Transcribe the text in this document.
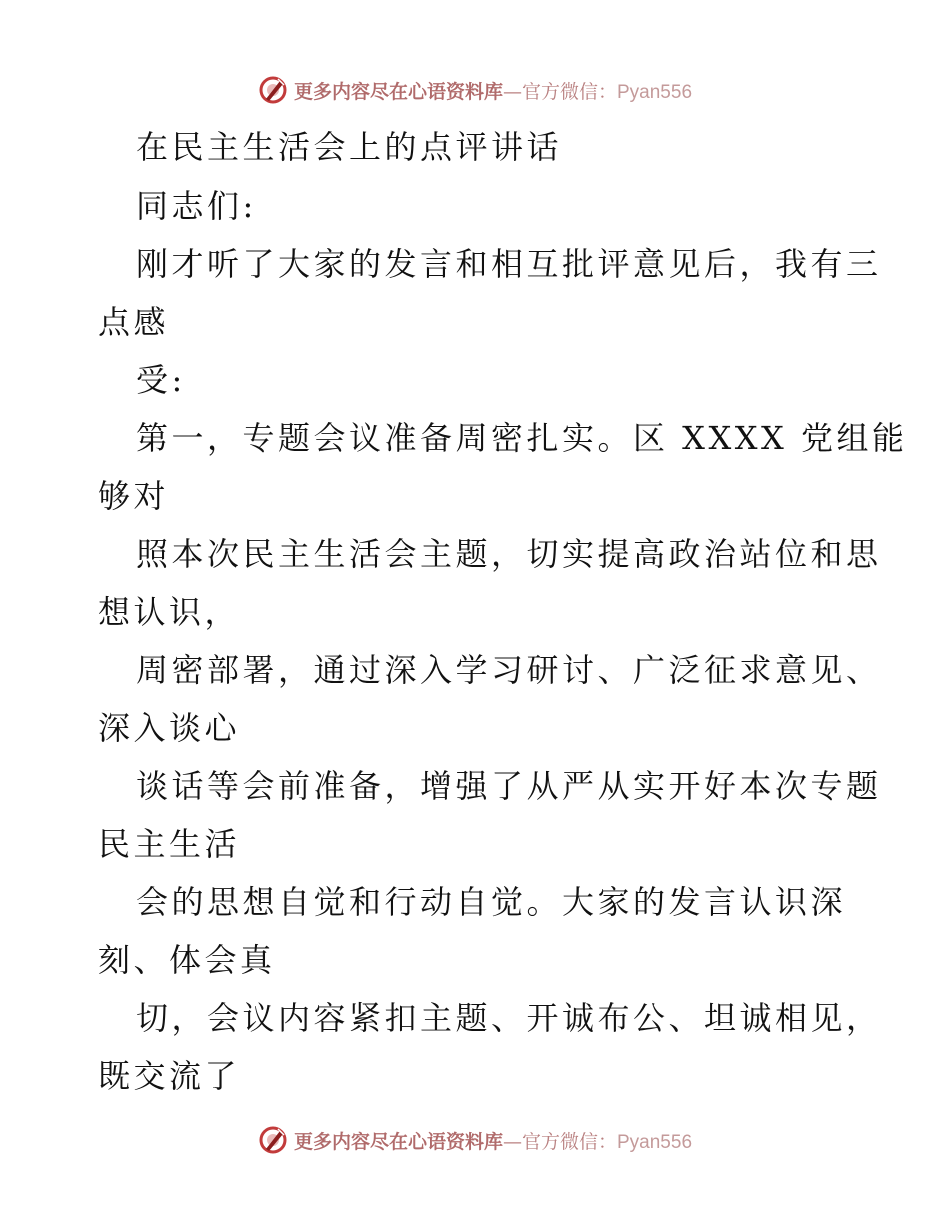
更多内容尽在心语资料库—官方微信：Pyan556
在民主生活会上的点评讲话
同志们:
刚才听了大家的发言和相互批评意见后，我有三
点感
受:
第一，专题会议准备周密扎实。区 XXXX 党组能
够对
照本次民主生活会主题，切实提高政治站位和思
想认识，
周密部署，通过深入学习研讨、广泛征求意见、
深入谈心
谈话等会前准备，增强了从严从实开好本次专题
民主生活
会的思想自觉和行动自觉。大家的发言认识深
刻、体会真
切，会议内容紧扣主题、开诚布公、坦诚相见，
既交流了
更多内容尽在心语资料库—官方微信：Pyan556
